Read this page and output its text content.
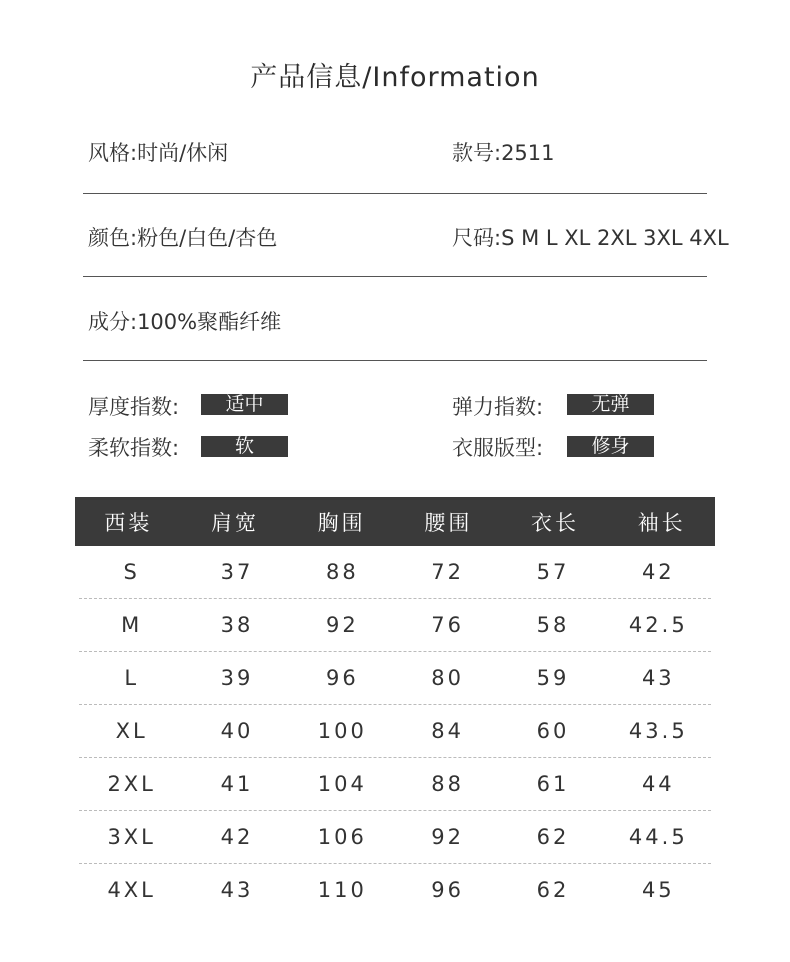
产品信息/Information
风格:时尚/休闲	款号:2511
颜色:粉色/白色/杏色	尺码:S M L XL 2XL 3XL 4XL
成分:100%聚酯纤维
厚度指数:	适中	弹力指数:	无弹
柔软指数:	软	衣服版型:	修身
西装	肩宽	胸围	腰围	衣长	袖长
S	37	88	72	57	42
M	38	92	76	58	42.5
L	39	96	80	59	43
XL	40	100	84	60	43.5
2XL	41	104	88	61	44
3XL	42	106	92	62	44.5
4XL	43	110	96	62	45
